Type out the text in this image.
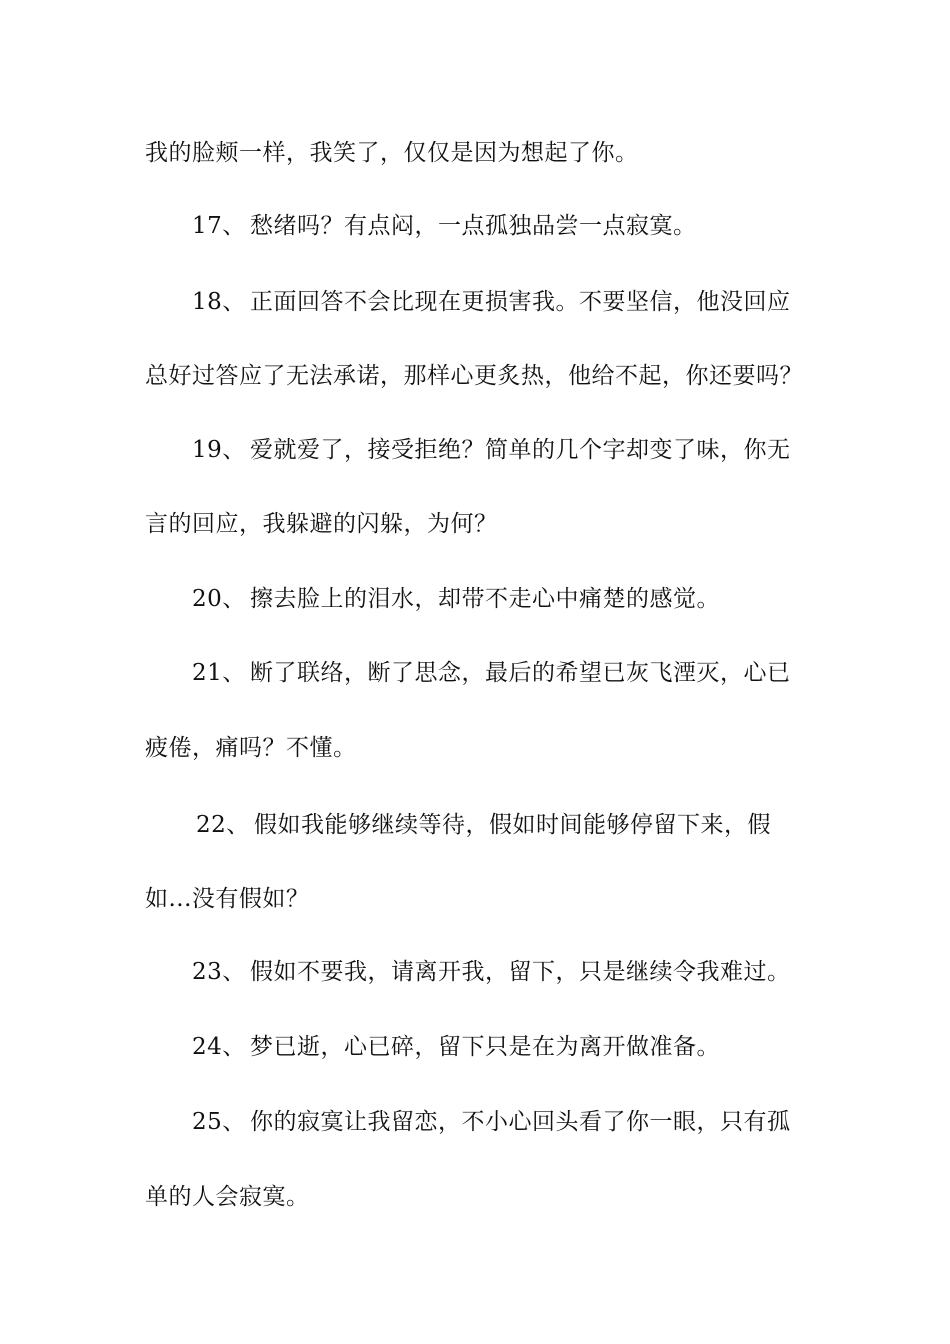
我的脸颊一样，我笑了，仅仅是因为想起了你。
17、 愁绪吗？有点闷，一点孤独品尝一点寂寞。
18、 正面回答不会比现在更损害我。不要坚信，他没回应
总好过答应了无法承诺，那样心更炙热，他给不起，你还要吗？
19、 爱就爱了，接受拒绝？简单的几个字却变了味，你无
言的回应，我躲避的闪躲，为何？
20、 擦去脸上的泪水，却带不走心中痛楚的感觉。
21、 断了联络，断了思念，最后的希望已灰飞湮灭，心已
疲倦，痛吗？不懂。
22、 假如我能够继续等待，假如时间能够停留下来，假
如...没有假如？
23、 假如不要我，请离开我，留下，只是继续令我难过。
24、 梦已逝，心已碎，留下只是在为离开做准备。
25、 你的寂寞让我留恋，不小心回头看了你一眼，只有孤
单的人会寂寞。
